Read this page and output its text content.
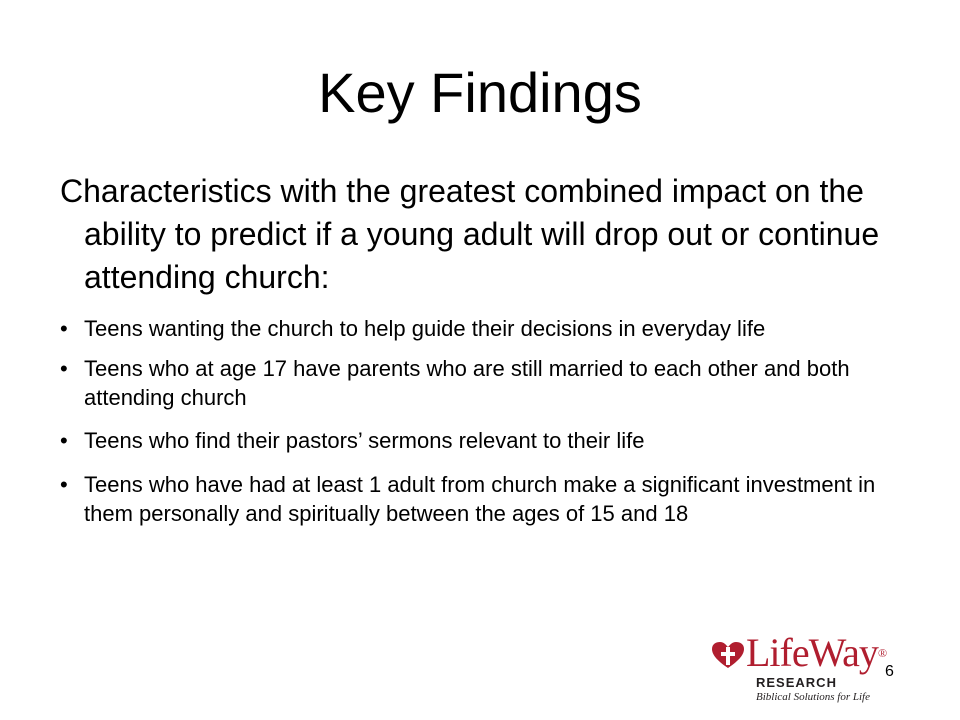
Key Findings

Characteristics with the greatest combined impact on the ability to predict if a young adult will drop out or continue attending church:

• Teens wanting the church to help guide their decisions in everyday life
• Teens who at age 17 have parents who are still married to each other and both attending church
• Teens who find their pastors’ sermons relevant to their life
• Teens who have had at least 1 adult from church make a significant investment in them personally and spiritually between the ages of 15 and 18
LifeWay®
RESEARCH
Biblical Solutions for Life
6
